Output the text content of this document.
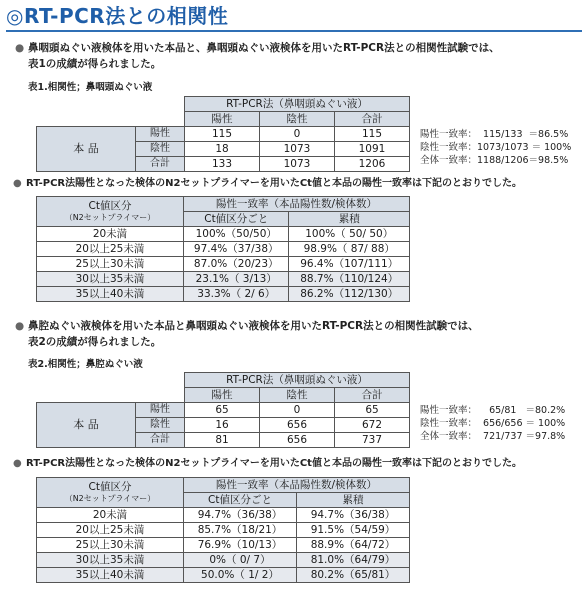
◎RT-PCR法との相関性
● 鼻咽頭ぬぐい液検体を用いた本品と、鼻咽頭ぬぐい液検体を用いたRT-PCR法との相関性試験では、
表1の成績が得られました。
表1.相関性；鼻咽頭ぬぐい液
		RT-PCR法（鼻咽頭ぬぐい液）		
		陽性	陰性	合計
本 品	陽性	115	0	115
	陰性	18	1073	1091
	合計	133	1073	1206
陽性一致率：  115/133  ＝86.5%
陰性一致率：1073/1073 ＝ 100%
全体一致率：1188/1206＝98.5%
● RT-PCR法陽性となった検体のN2セットプライマーを用いたCt値と本品の陽性一致率は下記のとおりでした。
Ct値区分
（N2セットプライマー）	陽性一致率（本品陽性数/検体数）	
	Ct値区分ごと	累積
20未満	100%（50/50）	100%（ 50/ 50）
20以上25未満	97.4%（37/38）	98.9%（ 87/ 88）
25以上30未満	87.0%（20/23）	96.4%（107/111）
30以上35未満	23.1%（ 3/13）	88.7%（110/124）
35以上40未満	33.3%（ 2/ 6）	86.2%（112/130）
● 鼻腔ぬぐい液検体を用いた本品と鼻咽頭ぬぐい液検体を用いたRT-PCR法との相関性試験では、
表2の成績が得られました。
表2.相関性；鼻腔ぬぐい液
		RT-PCR法（鼻咽頭ぬぐい液）		
		陽性	陰性	合計
本 品	陽性	65	0	65
	陰性	16	656	672
	合計	81	656	737
陽性一致率：    65/81   ＝80.2%
陰性一致率：  656/656 ＝ 100%
全体一致率：  721/737 ＝97.8%
● RT-PCR法陽性となった検体のN2セットプライマーを用いたCt値と本品の陽性一致率は下記のとおりでした。
Ct値区分
（N2セットプライマー）	陽性一致率（本品陽性数/検体数）	
	Ct値区分ごと	累積
20未満	94.7%（36/38）	94.7%（36/38）
20以上25未満	85.7%（18/21）	91.5%（54/59）
25以上30未満	76.9%（10/13）	88.9%（64/72）
30以上35未満	0%（ 0/ 7）	81.0%（64/79）
35以上40未満	50.0%（ 1/ 2）	80.2%（65/81）
